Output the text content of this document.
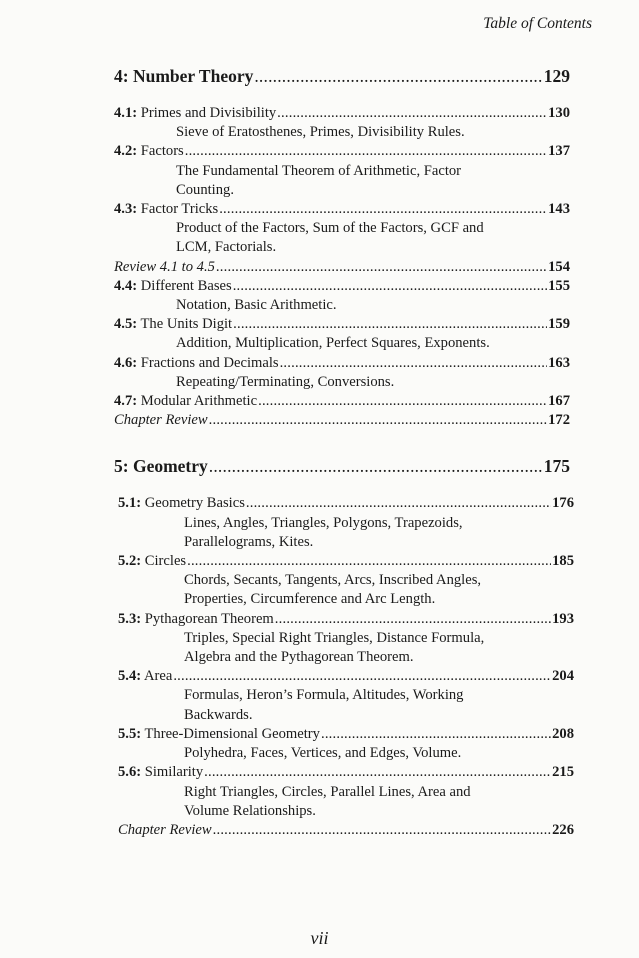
Table of Contents
4: Number Theory .....	129
4.1: Primes and Divisibility .....	130
Sieve of Eratosthenes, Primes, Divisibility Rules.
4.2: Factors .....	137
The Fundamental Theorem of Arithmetic, Factor Counting.
4.3: Factor Tricks .....	143
Product of the Factors, Sum of the Factors, GCF and LCM, Factorials.
Review 4.1 to 4.5 .....	154
4.4: Different Bases .....	155
Notation, Basic Arithmetic.
4.5: The Units Digit .....	159
Addition, Multiplication, Perfect Squares, Exponents.
4.6: Fractions and Decimals .....	163
Repeating/Terminating, Conversions.
4.7: Modular Arithmetic .....	167
Chapter Review .....	172
5: Geometry .....	175
5.1: Geometry Basics .....	176
Lines, Angles, Triangles, Polygons, Trapezoids, Parallelograms, Kites.
5.2: Circles .....	185
Chords, Secants, Tangents, Arcs, Inscribed Angles, Properties, Circumference and Arc Length.
5.3: Pythagorean Theorem .....	193
Triples, Special Right Triangles, Distance Formula, Algebra and the Pythagorean Theorem.
5.4: Area .....	204
Formulas, Heron’s Formula, Altitudes, Working Backwards.
5.5: Three-Dimensional Geometry .....	208
Polyhedra, Faces, Vertices, and Edges, Volume.
5.6: Similarity .....	215
Right Triangles, Circles, Parallel Lines, Area and Volume Relationships.
Chapter Review .....	226
vii
